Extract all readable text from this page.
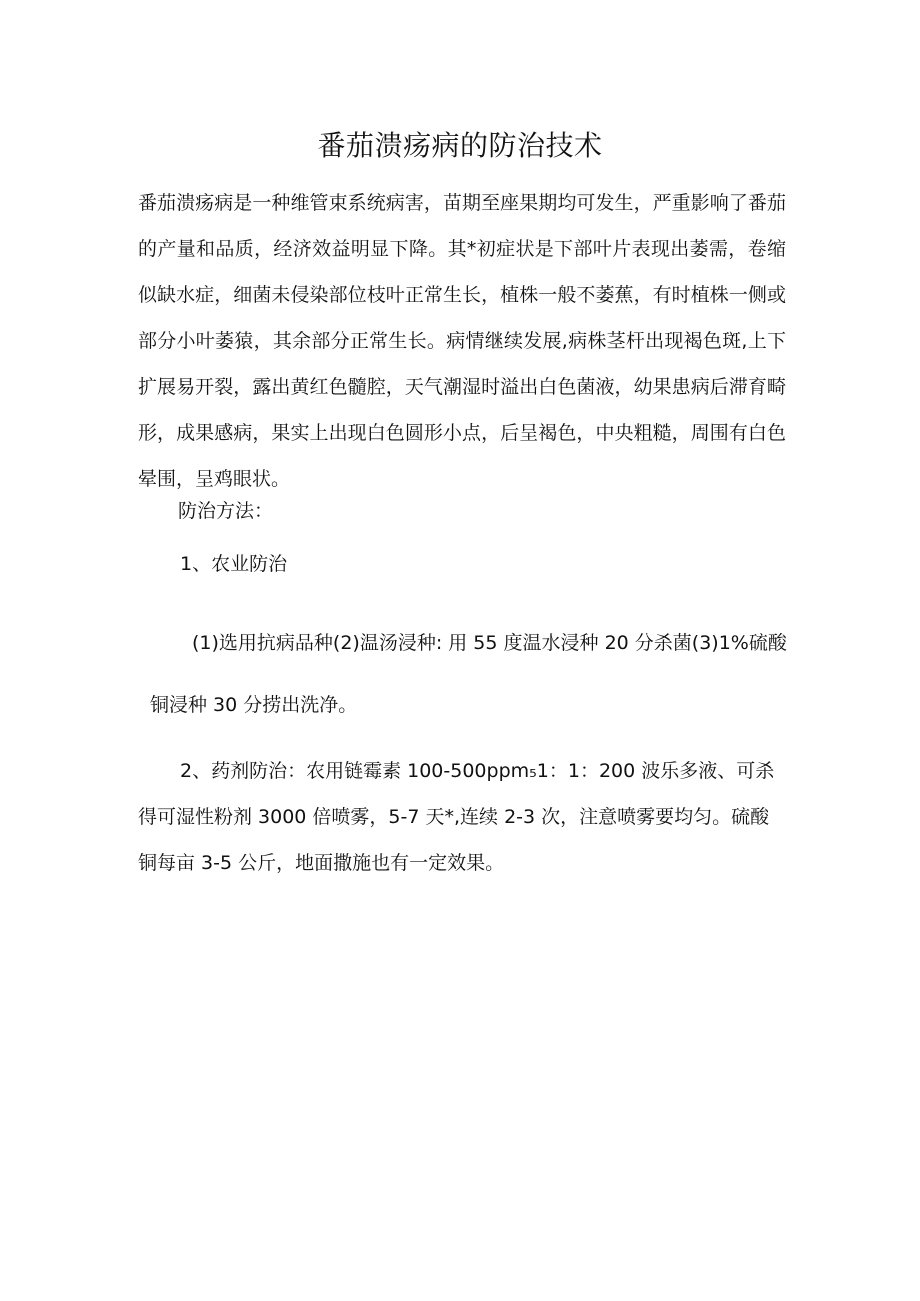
番茄溃疡病的防治技术

番茄溃疡病是一种维管束系统病害，苗期至座果期均可发生，严重影响了番茄的产量和品质，经济效益明显下降。其*初症状是下部叶片表现出萎需，卷缩似缺水症，细菌未侵染部位枝叶正常生长，植株一般不萎蕉，有时植株一侧或部分小叶萎猿，其余部分正常生长。病情继续发展,病株茎杆出现褐色斑,上下扩展易开裂，露出黄红色髓腔，天气潮湿时溢出白色菌液，幼果患病后滞育畸形，成果感病，果实上出现白色圆形小点，后呈褐色，中央粗糙，周围有白色晕围，呈鸡眼状。

防治方法：

1、农业防治

(1)选用抗病品种(2)温汤浸种: 用 55 度温水浸种 20 分杀菌(3)1%硫酸铜浸种 30 分捞出洗净。

2、药剂防治：农用链霉素 100-500ppm₅1：1：200 波乐多液、可杀得可湿性粉剂 3000 倍喷雾，5-7 天*,连续 2-3 次，注意喷雾要均匀。硫酸铜每亩 3-5 公斤，地面撒施也有一定效果。
